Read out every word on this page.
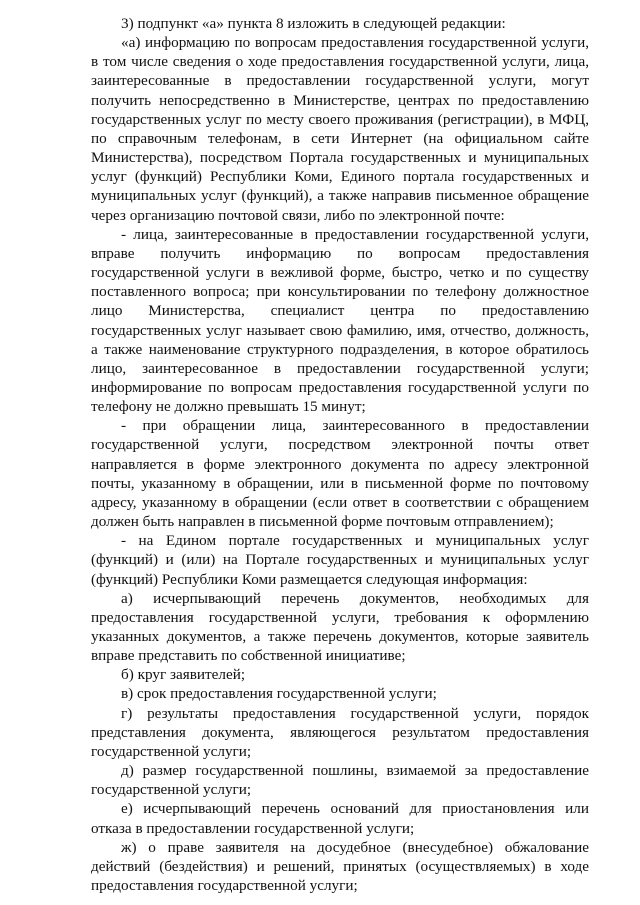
3) подпункт «а» пункта 8 изложить в следующей редакции:

«а) информацию по вопросам предоставления государственной услуги, в том числе сведения о ходе предоставления государственной услуги, лица, заинтересованные в предоставлении государственной услуги, могут получить непосредственно в Министерстве, центрах по предоставлению государственных услуг по месту своего проживания (регистрации), в МФЦ, по справочным телефонам, в сети Интернет (на официальном сайте Министерства), посредством Портала государственных и муниципальных услуг (функций) Республики Коми, Единого портала государственных и муниципальных услуг (функций), а также направив письменное обращение через организацию почтовой связи, либо по электронной почте:

- лица, заинтересованные в предоставлении государственной услуги, вправе получить информацию по вопросам предоставления государственной услуги в вежливой форме, быстро, четко и по существу поставленного вопроса; при консультировании по телефону должностное лицо Министерства, специалист центра по предоставлению государственных услуг называет свою фамилию, имя, отчество, должность, а также наименование структурного подразделения, в которое обратилось лицо, заинтересованное в предоставлении государственной услуги; информирование по вопросам предоставления государственной услуги по телефону не должно превышать 15 минут;

- при обращении лица, заинтересованного в предоставлении государственной услуги, посредством электронной почты ответ направляется в форме электронного документа по адресу электронной почты, указанному в обращении, или в письменной форме по почтовому адресу, указанному в обращении (если ответ в соответствии с обращением должен быть направлен в письменной форме почтовым отправлением);

- на Едином портале государственных и муниципальных услуг (функций) и (или) на Портале государственных и муниципальных услуг (функций) Республики Коми размещается следующая информация:

а) исчерпывающий перечень документов, необходимых для предоставления государственной услуги, требования к оформлению указанных документов, а также перечень документов, которые заявитель вправе представить по собственной инициативе;

б) круг заявителей;

в) срок предоставления государственной услуги;

г) результаты предоставления государственной услуги, порядок представления документа, являющегося результатом предоставления государственной услуги;

д) размер государственной пошлины, взимаемой за предоставление государственной услуги;

е) исчерпывающий перечень оснований для приостановления или отказа в предоставлении государственной услуги;

ж) о праве заявителя на досудебное (внесудебное) обжалование действий (бездействия) и решений, принятых (осуществляемых) в ходе предоставления государственной услуги;
